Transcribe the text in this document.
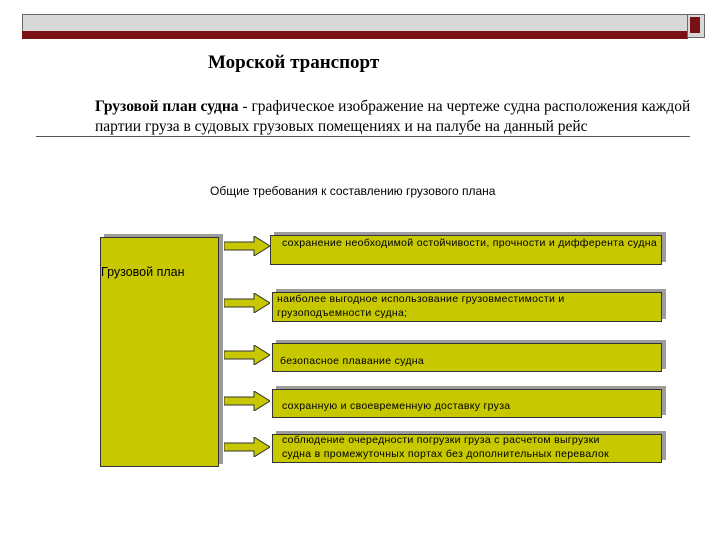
Морской транспорт
Грузовой план судна - графическое изображение на чертеже судна расположения каждой партии груза в судовых грузовых помещениях и на палубе на данный рейс
Общие требования к составлению грузового плана
Грузовой план
сохранение необходимой остойчивости, прочности и дифферента судна
наиболее выгодное использование грузовместимости и грузоподъемности судна;
безопасное плавание судна
сохранную и своевременную доставку груза
соблюдение очередности погрузки груза с расчетом выгрузки судна в промежуточных портах без дополнительных перевалок
